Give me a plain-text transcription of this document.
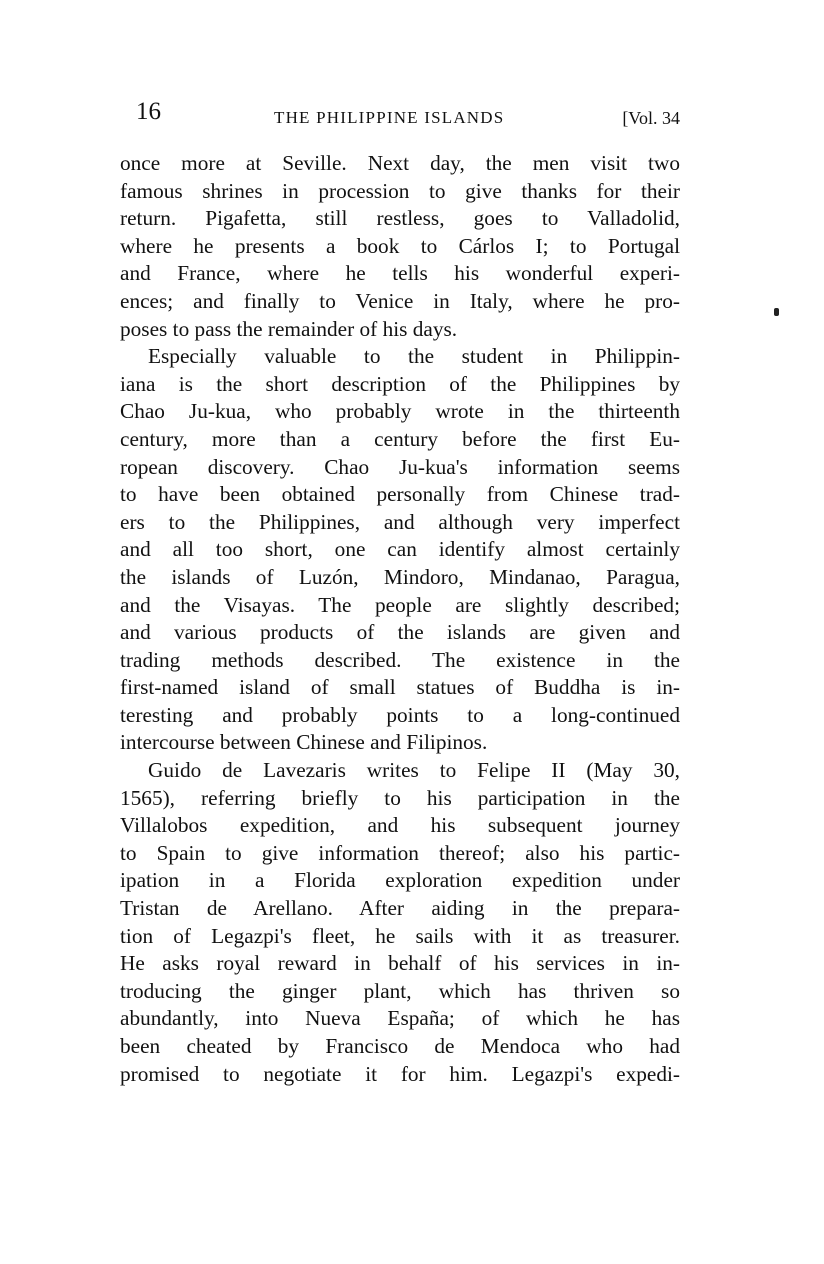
16	THE PHILIPPINE ISLANDS	[Vol. 34
once more at Seville. Next day, the men visit two
famous shrines in procession to give thanks for their
return. Pigafetta, still restless, goes to Valladolid,
where he presents a book to Cárlos I; to Portugal
and France, where he tells his wonderful experi-
ences; and finally to Venice in Italy, where he pro-
poses to pass the remainder of his days.
Especially valuable to the student in Philippin-
iana is the short description of the Philippines by
Chao Ju-kua, who probably wrote in the thirteenth
century, more than a century before the first Eu-
ropean discovery. Chao Ju-kua's information seems
to have been obtained personally from Chinese trad-
ers to the Philippines, and although very imperfect
and all too short, one can identify almost certainly
the islands of Luzón, Mindoro, Mindanao, Paragua,
and the Visayas. The people are slightly described;
and various products of the islands are given and
trading methods described. The existence in the
first-named island of small statues of Buddha is in-
teresting and probably points to a long-continued
intercourse between Chinese and Filipinos.
Guido de Lavezaris writes to Felipe II (May 30,
1565), referring briefly to his participation in the
Villalobos expedition, and his subsequent journey
to Spain to give information thereof; also his partic-
ipation in a Florida exploration expedition under
Tristan de Arellano. After aiding in the prepara-
tion of Legazpi's fleet, he sails with it as treasurer.
He asks royal reward in behalf of his services in in-
troducing the ginger plant, which has thriven so
abundantly, into Nueva España; of which he has
been cheated by Francisco de Mendoca who had
promised to negotiate it for him. Legazpi's expedi-
